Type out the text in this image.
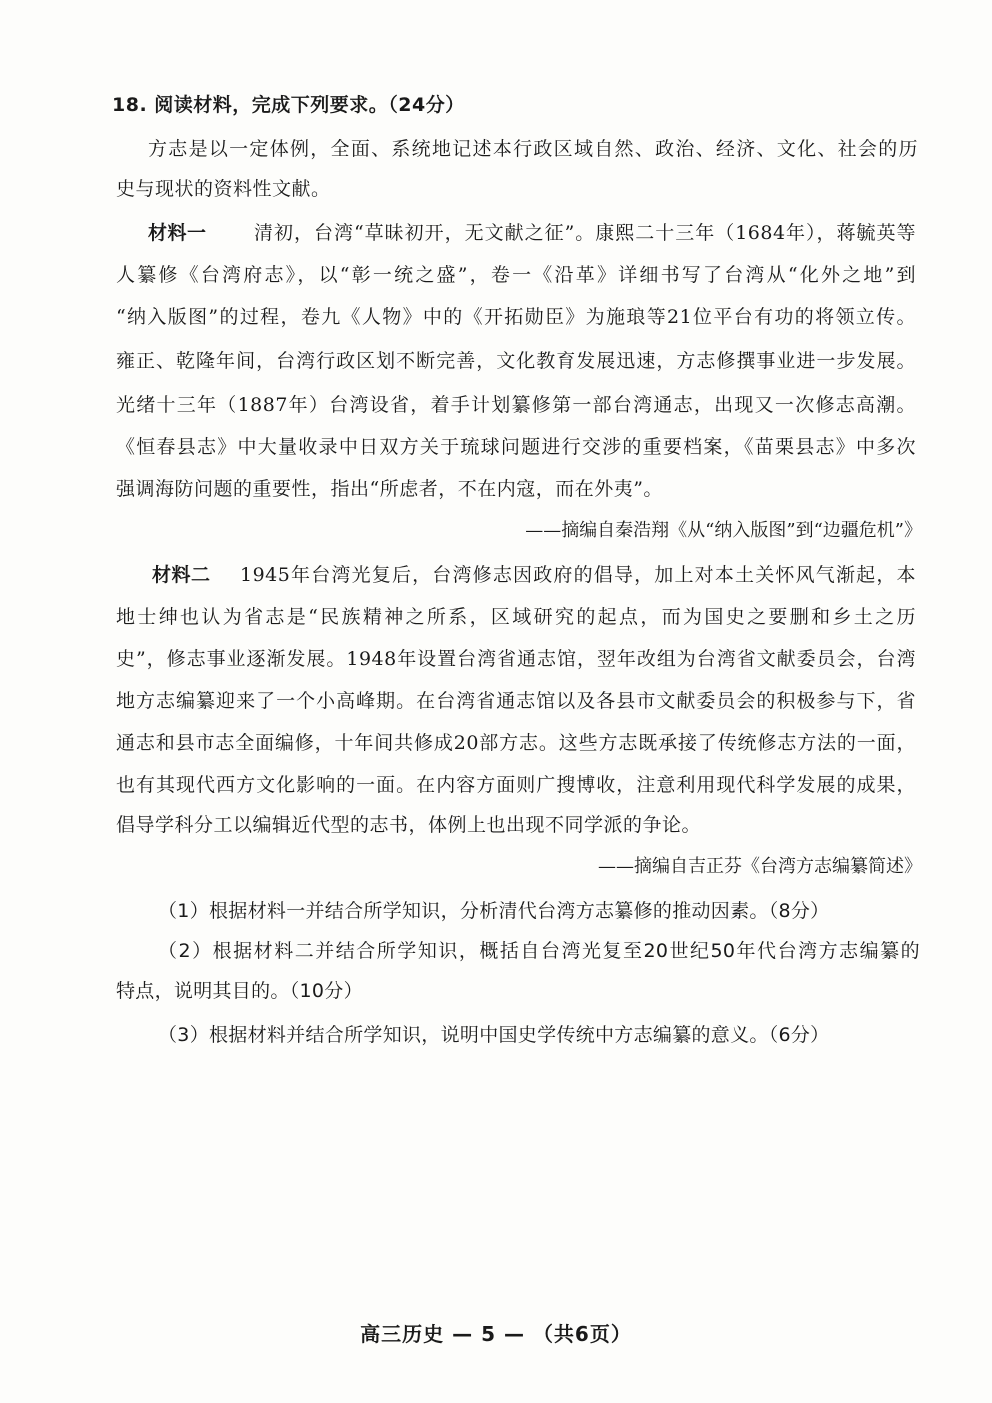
18. 阅读材料，完成下列要求。（24分）
方志是以一定体例，全面、系统地记述本行政区域自然、政治、经济、文化、社会的历
史与现状的资料性文献。
材料一	清初，台湾“草昧初开，无文献之征”。康熙二十三年（1684年），蒋毓英等
人纂修《台湾府志》，以“彰一统之盛”，卷一《沿革》详细书写了台湾从“化外之地”到
“纳入版图”的过程，卷九《人物》中的《开拓勋臣》为施琅等21位平台有功的将领立传。
雍正、乾隆年间，台湾行政区划不断完善，文化教育发展迅速，方志修撰事业进一步发展。
光绪十三年（1887年）台湾设省，着手计划纂修第一部台湾通志，出现又一次修志高潮。
《恒春县志》中大量收录中日双方关于琉球问题进行交涉的重要档案，《苗栗县志》中多次
强调海防问题的重要性，指出“所虑者，不在内寇，而在外夷”。
——摘编自秦浩翔《从“纳入版图”到“边疆危机”》
材料二	1945年台湾光复后，台湾修志因政府的倡导，加上对本土关怀风气渐起，本
地士绅也认为省志是“民族精神之所系，区域研究的起点，而为国史之要删和乡土之历
史”，修志事业逐渐发展。1948年设置台湾省通志馆，翌年改组为台湾省文献委员会，台湾
地方志编纂迎来了一个小高峰期。在台湾省通志馆以及各县市文献委员会的积极参与下，省
通志和县市志全面编修，十年间共修成20部方志。这些方志既承接了传统修志方法的一面，
也有其现代西方文化影响的一面。在内容方面则广搜博收，注意利用现代科学发展的成果，
倡导学科分工以编辑近代型的志书，体例上也出现不同学派的争论。
——摘编自吉正芬《台湾方志编纂简述》
（1）根据材料一并结合所学知识，分析清代台湾方志纂修的推动因素。（8分）
（2）根据材料二并结合所学知识，概括自台湾光复至20世纪50年代台湾方志编纂的
特点，说明其目的。（10分）
（3）根据材料并结合所学知识，说明中国史学传统中方志编纂的意义。（6分）
高三历史 — 5 — （共6页）
